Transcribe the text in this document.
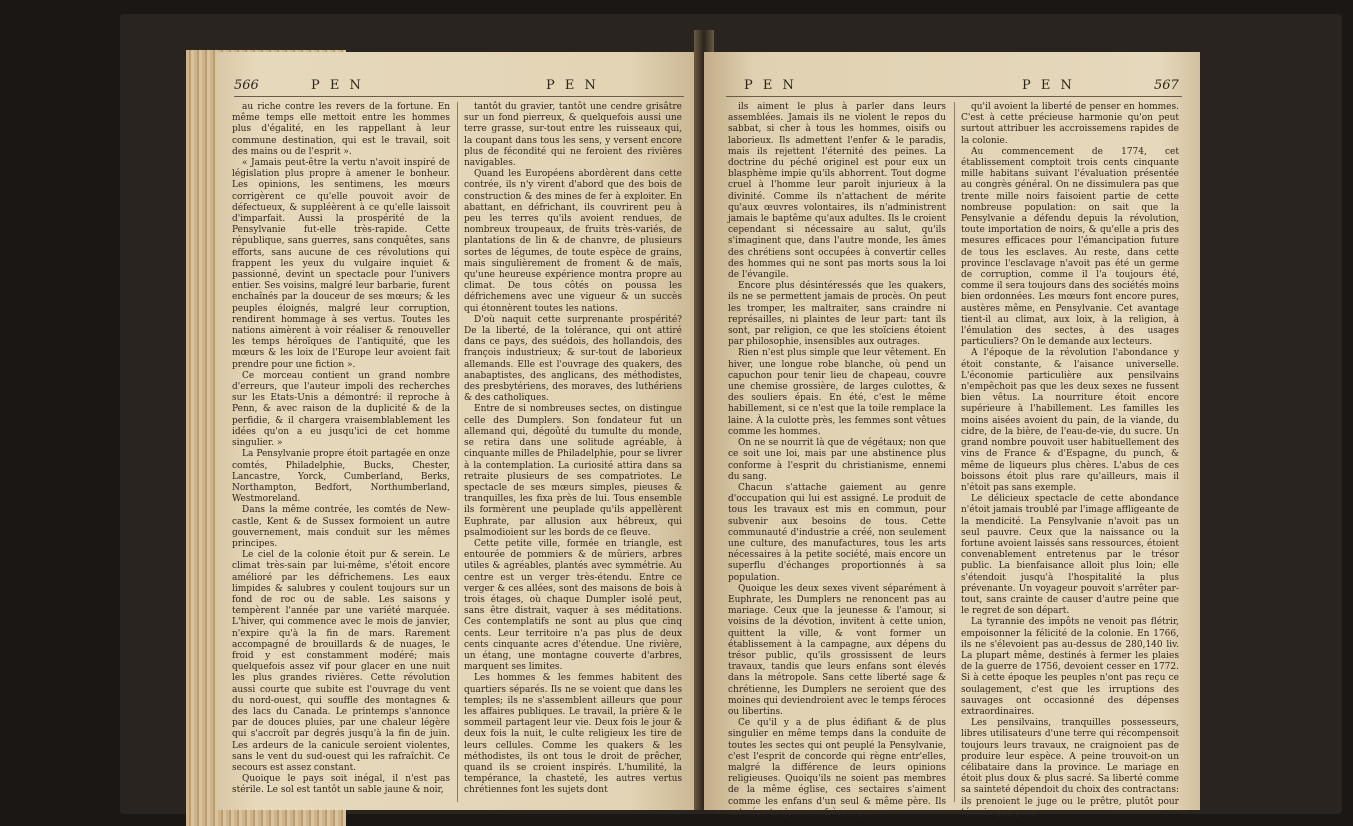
566	P E N	P E N

au riche contre les revers de la fortune. En même temps elle mettoit entre les hommes plus d'égalité, en les rappellant à leur commune destination, qui est le travail, soit des mains ou de l'esprit ».

« Jamais peut-être la vertu n'avoit inspiré de législation plus propre à amener le bonheur. Les opinions, les sentimens, les mœurs corrigèrent ce qu'elle pouvoit avoir de défectueux, & suppléèrent à ce qu'elle laissoit d'imparfait. Aussi la prospérité de la Pensylvanie fut-elle très-rapide. Cette république, sans guerres, sans conquêtes, sans efforts, sans aucune de ces révolutions qui frappent les yeux du vulgaire inquiet & passionné, devint un spectacle pour l'univers entier. Ses voisins, malgré leur barbarie, furent enchaînés par la douceur de ses mœurs; & les peuples éloignés, malgré leur corruption, rendirent hommage à ses vertus. Toutes les nations aimèrent à voir réaliser & renouveller les temps héroïques de l'antiquité, que les mœurs & les loix de l'Europe leur avoient fait prendre pour une fiction ».

Ce morceau contient un grand nombre d'erreurs, que l'auteur impoli des recherches sur les Etats-Unis a démontré: il reproche à Penn, & avec raison de la duplicité & de la perfidie, & il chargera vraisemblablement les idées qu'on a eu jusqu'ici de cet homme singulier. »

La Pensylvanie propre étoit partagée en onze comtés, Philadelphie, Bucks, Chester, Lancastre, Yorck, Cumberland, Berks, Northampton, Bedfort, Northumberland, Westmoreland.

Dans la même contrée, les comtés de New-castle, Kent & de Sussex formoient un autre gouvernement, mais conduit sur les mêmes principes.

Le ciel de la colonie étoit pur & serein. Le climat très-sain par lui-même, s'étoit encore amélioré par les défrichemens. Les eaux limpides & salubres y coulent toujours sur un fond de roc ou de sable. Les saisons y tempèrent l'année par une variété marquée. L'hiver, qui commence avec le mois de janvier, n'expire qu'à la fin de mars. Rarement accompagné de brouillards & de nuages, le froid y est constamment modéré; mais quelquefois assez vif pour glacer en une nuit les plus grandes rivières. Cette révolution aussi courte que subite est l'ouvrage du vent du nord-ouest, qui souffle des montagnes & des lacs du Canada. Le printemps s'annonce par de douces pluies, par une chaleur légère qui s'accroît par degrés jusqu'à la fin de juin. Les ardeurs de la canicule seroient violentes, sans le vent du sud-ouest qui les rafraîchit. Ce secours est assez constant.

Quoique le pays soit inégal, il n'est pas stérile. Le sol est tantôt un sable jaune & noir,

tantôt du gravier, tantôt une cendre grisâtre sur un fond pierreux, & quelquefois aussi une terre grasse, sur-tout entre les ruisseaux qui, la coupant dans tous les sens, y versent encore plus de fécondité qui ne feroient des rivières navigables.

Quand les Européens abordèrent dans cette contrée, ils n'y virent d'abord que des bois de construction & des mines de fer à exploiter. En abattant, en défrichant, ils couvrirent peu à peu les terres qu'ils avoient rendues, de nombreux troupeaux, de fruits très-variés, de plantations de lin & de chanvre, de plusieurs sortes de légumes, de toute espèce de grains, mais singulièrement de froment & de maïs, qu'une heureuse expérience montra propre au climat. De tous côtés on poussa les défrichemens avec une vigueur & un succès qui étonnèrent toutes les nations.

D'où naquit cette surprenante prospérité? De la liberté, de la tolérance, qui ont attiré dans ce pays, des suédois, des hollandois, des françois industrieux; & sur-tout de laborieux allemands. Elle est l'ouvrage des quakers, des anabaptistes, des anglicans, des méthodistes, des presbytériens, des moraves, des luthériens & des catholiques.

Entre de si nombreuses sectes, on distingue celle des Dumplers. Son fondateur fut un allemand qui, dégoûté du tumulte du monde, se retira dans une solitude agréable, à cinquante milles de Philadelphie, pour se livrer à la contemplation. La curiosité attira dans sa retraite plusieurs de ses compatriotes. Le spectacle de ses mœurs simples, pieuses & tranquilles, les fixa près de lui. Tous ensemble ils formèrent une peuplade qu'ils appellèrent Euphrate, par allusion aux hébreux, qui psalmodioient sur les bords de ce fleuve.

Cette petite ville, formée en triangle, est entourée de pommiers & de mûriers, arbres utiles & agréables, plantés avec symmétrie. Au centre est un verger très-étendu. Entre ce verger & ces allées, sont des maisons de bois à trois étages, où chaque Dumpler isolé peut, sans être distrait, vaquer à ses méditations. Ces contemplatifs ne sont au plus que cinq cents. Leur territoire n'a pas plus de deux cents cinquante acres d'étendue. Une rivière, un étang, une montagne couverte d'arbres, marquent ses limites.

Les hommes & les femmes habitent des quartiers séparés. Ils ne se voient que dans les temples; ils ne s'assemblent ailleurs que pour les affaires publiques. Le travail, la prière & le sommeil partagent leur vie. Deux fois le jour & deux fois la nuit, le culte religieux les tire de leurs cellules. Comme les quakers & les méthodistes, ils ont tous le droit de prêcher, quand ils se croient inspirés. L'humilité, la tempérance, la chasteté, les autres vertus chrétiennes font les sujets dont

P E N	P E N	567

ils aiment le plus à parler dans leurs assemblées. Jamais ils ne violent le repos du sabbat, si cher à tous les hommes, oisifs ou laborieux. Ils admettent l'enfer & le paradis, mais ils rejettent l'éternité des peines. La doctrine du péché originel est pour eux un blasphème impie qu'ils abhorrent. Tout dogme cruel à l'homme leur paroît injurieux à la divinité. Comme ils n'attachent de mérite qu'aux œuvres volontaires, ils n'administrent jamais le baptême qu'aux adultes. Ils le croient cependant si nécessaire au salut, qu'ils s'imaginent que, dans l'autre monde, les âmes des chrétiens sont occupées à convertir celles des hommes qui ne sont pas morts sous la loi de l'évangile.

Encore plus désintéressés que les quakers, ils ne se permettent jamais de procès. On peut les tromper, les maltraiter, sans craindre ni représailles, ni plaintes de leur part: tant ils sont, par religion, ce que les stoïciens étoient par philosophie, insensibles aux outrages.

Rien n'est plus simple que leur vêtement. En hiver, une longue robe blanche, où pend un capuchon pour tenir lieu de chapeau, couvre une chemise grossière, de larges culottes, & des souliers épais. En été, c'est le même habillement, si ce n'est que la toile remplace la laine. À la culotte près, les femmes sont vêtues comme les hommes.

On ne se nourrit là que de végétaux; non que ce soit une loi, mais par une abstinence plus conforme à l'esprit du christianisme, ennemi du sang.

Chacun s'attache gaiement au genre d'occupation qui lui est assigné. Le produit de tous les travaux est mis en commun, pour subvenir aux besoins de tous. Cette communauté d'industrie a créé, non seulement une culture, des manufactures, tous les arts nécessaires à la petite société, mais encore un superflu d'échanges proportionnés à sa population.

Quoique les deux sexes vivent séparément à Euphrate, les Dumplers ne renoncent pas au mariage. Ceux que la jeunesse & l'amour, si voisins de la dévotion, invitent à cette union, quittent la ville, & vont former un établissement à la campagne, aux dépens du trésor public, qu'ils grossissent de leurs travaux, tandis que leurs enfans sont élevés dans la métropole. Sans cette liberté sage & chrétienne, les Dumplers ne seroient que des moines qui deviendroient avec le temps féroces ou libertins.

Ce qu'il y a de plus édifiant & de plus singulier en même temps dans la conduite de toutes les sectes qui ont peuplé la Pensylvanie, c'est l'esprit de concorde qui règne entr'elles, malgré la différence de leurs opinions religieuses. Quoiqu'ils ne soient pas membres de la même église, ces sectaires s'aiment comme les enfans d'un seul & même père. Ils ont vécu toujours en frères, parce

qu'il avoient la liberté de penser en hommes. C'est à cette précieuse harmonie qu'on peut surtout attribuer les accroissemens rapides de la colonie.

Au commencement de 1774, cet établissement comptoit trois cents cinquante mille habitans suivant l'évaluation présentée au congrès général. On ne dissimulera pas que trente mille noirs faisoient partie de cette nombreuse population: on sait que la Pensylvanie a défendu depuis la révolution, toute importation de noirs, & qu'elle a pris des mesures efficaces pour l'émancipation future de tous les esclaves. Au reste, dans cette province l'esclavage n'avoit pas été un germe de corruption, comme il l'a toujours été, comme il sera toujours dans des sociétés moins bien ordonnées. Les mœurs font encore pures, austères même, en Pensylvanie. Cet avantage tient-il au climat, aux loix, à la religion, à l'émulation des sectes, à des usages particuliers? On le demande aux lecteurs.

A l'époque de la révolution l'abondance y étoit constante, & l'aisance universelle. L'économie particulière aux pensilvains n'empêchoit pas que les deux sexes ne fussent bien vêtus. La nourriture étoit encore supérieure à l'habillement. Les familles les moins aisées avoient du pain, de la viande, du cidre, de la bière, de l'eau-de-vie, du sucre. Un grand nombre pouvoit user habituellement des vins de France & d'Espagne, du punch, & même de liqueurs plus chères. L'abus de ces boissons étoit plus rare qu'ailleurs, mais il n'étoit pas sans exemple.

Le délicieux spectacle de cette abondance n'étoit jamais troublé par l'image affligeante de la mendicité. La Pensylvanie n'avoit pas un seul pauvre. Ceux que la naissance ou la fortune avoient laissés sans ressources, étoient convenablement entretenus par le trésor public. La bienfaisance alloit plus loin; elle s'étendoit jusqu'à l'hospitalité la plus prévenante. Un voyageur pouvoit s'arrêter par-tout, sans crainte de causer d'autre peine que le regret de son départ.

La tyrannie des impôts ne venoit pas flétrir, empoisonner la félicité de la colonie. En 1766, ils ne s'élevoient pas au-dessus de 280,140 liv. La plupart même, destinés à fermer les plaies de la guerre de 1756, devoient cesser en 1772. Si à cette époque les peuples n'ont pas reçu ce soulagement, c'est que les irruptions des sauvages ont occasionné des dépenses extraordinaires.

Les pensilvains, tranquilles possesseurs, libres utilisateurs d'une terre qui récompensoit toujours leurs travaux, ne craignoient pas de produire leur espèce. A peine trouvoit-on un célibataire dans la province. Le mariage en étoit plus doux & plus sacré. Sa liberté comme sa sainteté dépendoit du choix des contractans: ils prenoient le juge ou le prêtre, plutôt pour témoin que pour
